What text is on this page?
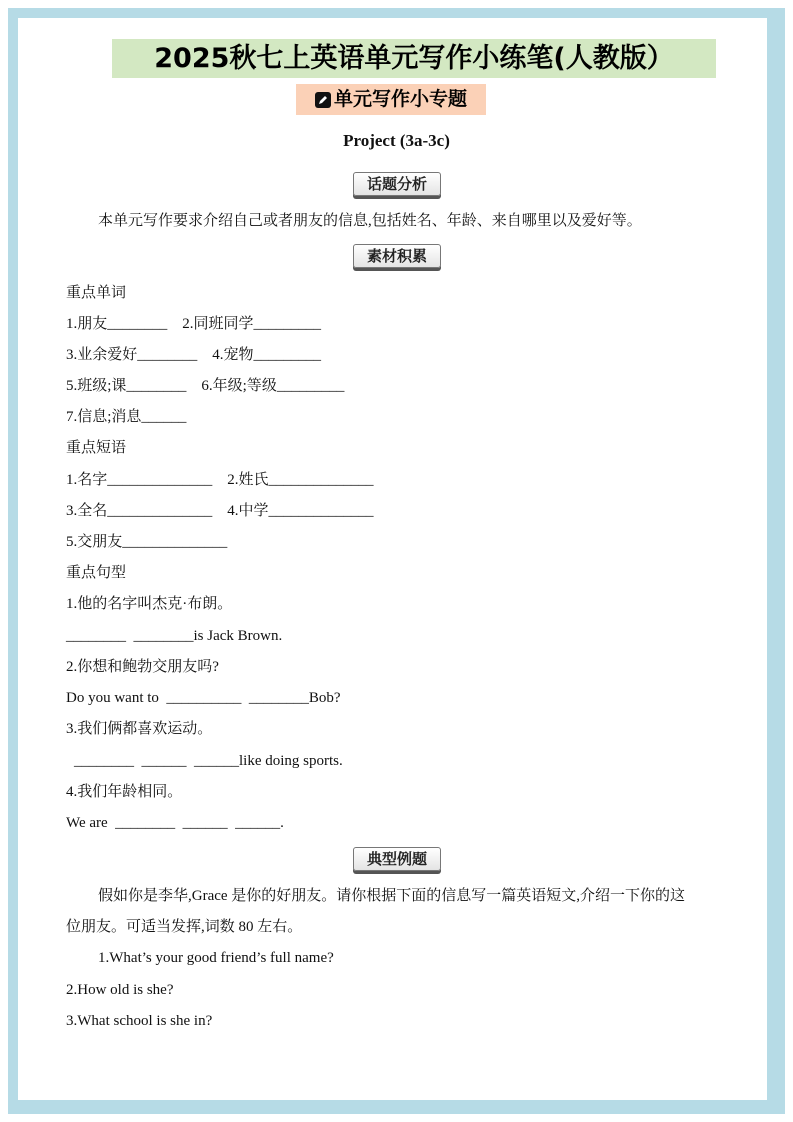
2025秋七上英语单元写作小练笔(人教版）
单元写作小专题
Project (3a-3c)
话题分析
本单元写作要求介绍自己或者朋友的信息,包括姓名、年龄、来自哪里以及爱好等。
素材积累
重点单词
1.朋友________    2.同班同学_________
3.业余爱好________    4.宠物_________
5.班级;课________    6.年级;等级_________
7.信息;消息______
重点短语
1.名字______________    2.姓氏______________
3.全名______________    4.中学______________
5.交朋友______________
重点句型
1.他的名字叫杰克·布朗。
________  ________is Jack Brown.
2.你想和鲍勃交朋友吗?
Do you want to  __________  ________Bob?
3.我们俩都喜欢运动。
________  ______  ______like doing sports.
4.我们年龄相同。
We are  ________  ______  ______.
典型例题
假如你是李华,Grace 是你的好朋友。请你根据下面的信息写一篇英语短文,介绍一下你的这
位朋友。可适当发挥,词数 80 左右。
1.What’s your good friend’s full name?
2.How old is she?
3.What school is she in?
